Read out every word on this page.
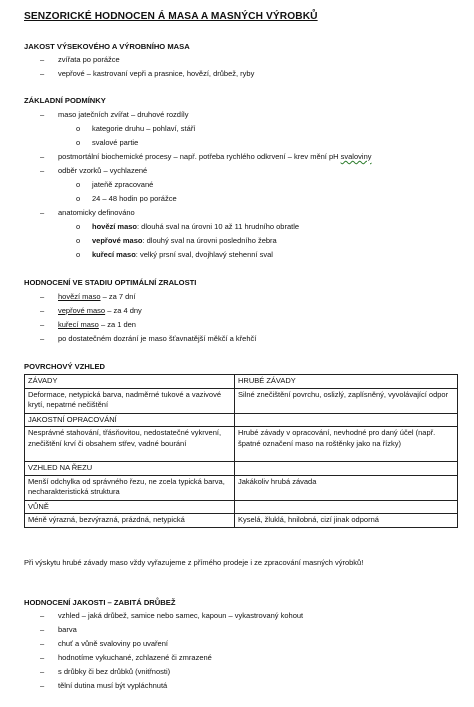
SENZORICKÉ HODNOCEN Á MASA A MASNÝCH VÝROBKŮ
JAKOST VÝSEKOVÉHO A VÝROBNÍHO MASA
– zvířata po porážce
– vepřové – kastrovaní vepři a prasnice, hovězí, drůbež, ryby
ZÁKLADNÍ PODMÍNKY
– maso jatečních zvířat – druhové rozdíly
o kategorie druhu – pohlaví, stáří
o svalové partie
– postmortální biochemické procesy – např. potřeba rychlého odkrvení – krev mění pH svaloviny
– odběr vzorků – vychlazené
o jateňě zpracované
o 24 – 48 hodin po porážce
– anatomicky definováno
o hovězí maso: dlouhá sval na úrovni 10 až 11 hrudního obratle
o vepřové maso: dlouhý sval na úrovni posledního žebra
o kuřecí maso: velký prsní sval, dvojhlavý stehenní sval
HODNOCENÍ VE STADIU OPTIMÁLNÍ ZRALOSTI
– hovězí maso – za 7 dní
– vepřové maso – za 4 dny
– kuřecí maso – za 1 den
– po dostatečném dozrání je maso šťavnatější měkčí a křehčí
POVRCHOVÝ VZHLED
ZÁVADY	HRUBÉ ZÁVADY
Deformace, netypická barva, nadměrné tukové a vazivové krytí, nepatrné nečištění	Silné znečištění povrchu, oslizlý, zaplísněný, vyvolávající odpor
JAKOSTNÍ OPRACOVÁNÍ	
Nesprávné stahování, třásňovitou, nedostatečné vykrvení, znečištění krví či obsahem střev, vadné bourání	Hrubé závady v opracování, nevhodné pro daný účel (např. špatné označení maso na roštěnky jako na řízky)
VZHLED NA ŘEZU	
Menší odchylka od správného řezu, ne zcela typická barva, necharakteristická struktura	Jakákoliv hrubá závada
VŮNĚ	
Méně výrazná, bezvýrazná, prázdná, netypická	Kyselá, žluklá, hnilobná, cizí jinak odporná
Při výskytu hrubé závady maso vždy vyřazujeme z přímého prodeje i ze zpracování masných výrobků!
HODNOCENÍ JAKOSTI – ZABITÁ DRŮBEŽ
– vzhled – jaká drůbež, samice nebo samec, kapoun – vykastrovaný kohout
– barva
– chuť a vůně svaloviny po uvaření
– hodnotíme vykuchané, zchlazené či zmrazené
– s drůbky či bez drůbků (vnitřnosti)
– tělní dutina musí být vypláchnutá
